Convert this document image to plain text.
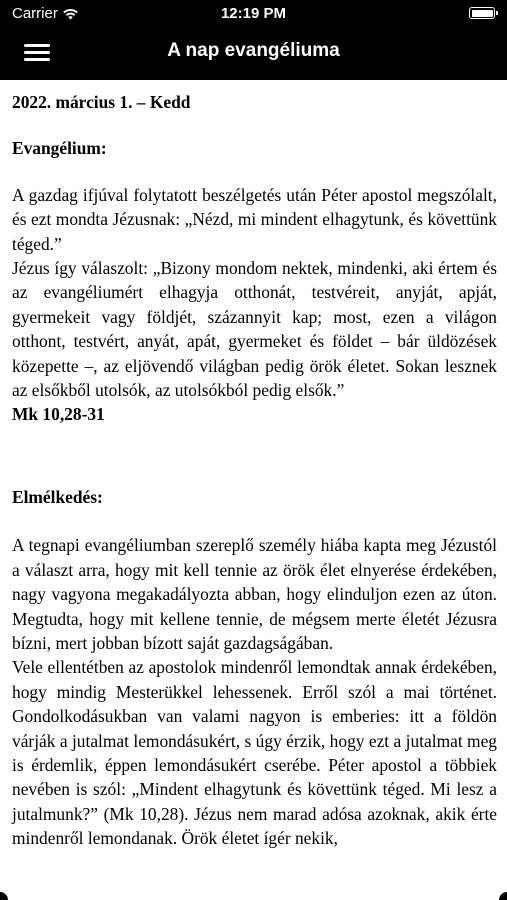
Carrier	12:19 PM
A nap evangéliuma

2022. március 1. – Kedd

Evangélium:

A gazdag ifjúval folytatott beszélgetés után Péter apostol megszólalt, és ezt mondta Jézusnak: „Nézd, mi mindent elhagytunk, és követtünk téged.”

Jézus így válaszolt: „Bizony mondom nektek, mindenki, aki értem és az evangéliumért elhagyja otthonát, testvéreit, anyját, apját, gyermekeit vagy földjét, százannyit kap; most, ezen a világon otthont, testvért, anyát, apát, gyermeket és földet – bár üldözések közepette –, az eljövendő világban pedig örök életet. Sokan lesznek az elsőkből utolsók, az utolsókból pedig elsők.”

Mk 10,28-31

Elmélkedés:

A tegnapi evangéliumban szereplő személy hiába kapta meg Jézustól a választ arra, hogy mit kell tennie az örök élet elnyerése érdekében, nagy vagyona megakadályozta abban, hogy elinduljon ezen az úton. Megtudta, hogy mit kellene tennie, de mégsem merte életét Jézusra bízni, mert jobban bízott saját gazdagságában.

Vele ellentétben az apostolok mindenről lemondtak annak érdekében, hogy mindig Mesterükkel lehessenek. Erről szól a mai történet. Gondolkodásukban van valami nagyon is emberies: itt a földön várják a jutalmat lemondásukért, s úgy érzik, hogy ezt a jutalmat meg is érdemlik, éppen lemondásukért cserébe. Péter apostol a többiek nevében is szól: „Mindent elhagytunk és követtünk téged. Mi lesz a jutalmunk?” (Mk 10,28). Jézus nem marad adósa azoknak, akik érte mindenről lemondanak. Örök életet ígér nekik,
